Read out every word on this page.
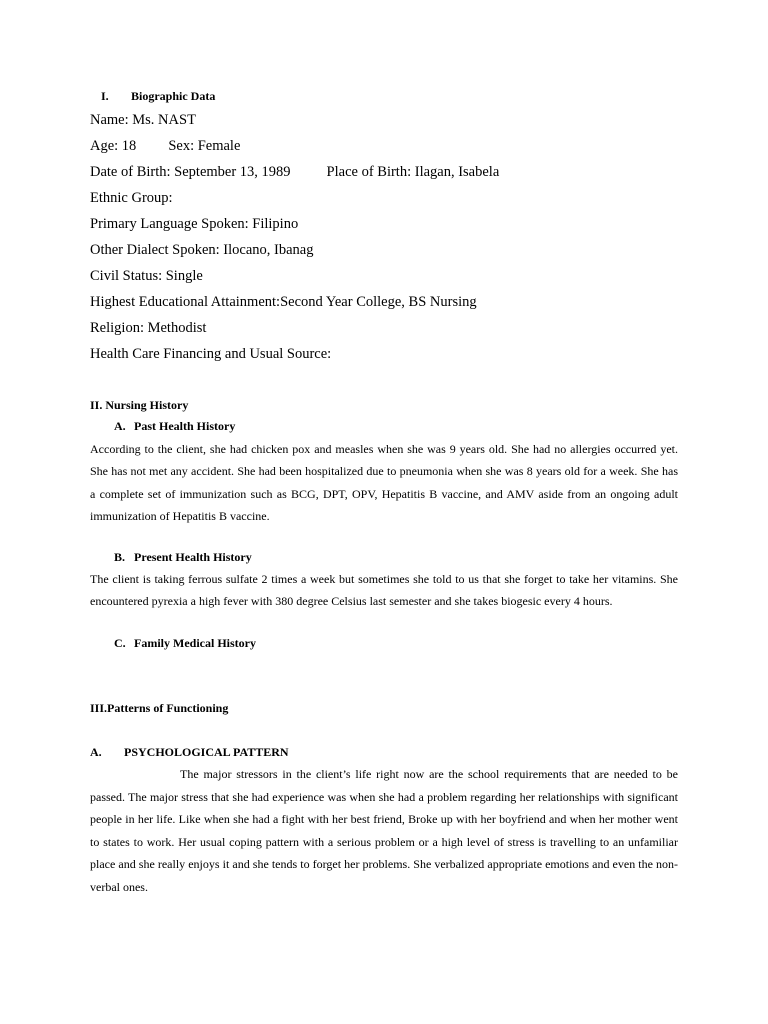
I. Biographic Data
Name: Ms. NAST
Age: 18 Sex: Female
Date of Birth: September 13, 1989 Place of Birth: Ilagan, Isabela
Ethnic Group:
Primary Language Spoken: Filipino
Other Dialect Spoken: Ilocano, Ibanag
Civil Status: Single
Highest Educational Attainment:Second Year College, BS Nursing
Religion: Methodist
Health Care Financing and Usual Source:
II. Nursing History
A. Past Health History
According to the client, she had chicken pox and measles when she was 9 years old. She had no allergies occurred yet. She has not met any accident. She had been hospitalized due to pneumonia when she was 8 years old for a week. She has a complete set of immunization such as BCG, DPT, OPV, Hepatitis B vaccine, and AMV aside from an ongoing adult immunization of Hepatitis B vaccine.
B. Present Health History
The client is taking ferrous sulfate 2 times a week but sometimes she told to us that she forget to take her vitamins. She encountered pyrexia a high fever with 380 degree Celsius last semester and she takes biogesic every 4 hours.
C. Family Medical History
III.Patterns of Functioning
A. PSYCHOLOGICAL PATTERN
The major stressors in the client’s life right now are the school requirements that are needed to be passed. The major stress that she had experience was when she had a problem regarding her relationships with significant people in her life. Like when she had a fight with her best friend, Broke up with her boyfriend and when her mother went to states to work. Her usual coping pattern with a serious problem or a high level of stress is travelling to an unfamiliar place and she really enjoys it and she tends to forget her problems. She verbalized appropriate emotions and even the non-verbal ones.
